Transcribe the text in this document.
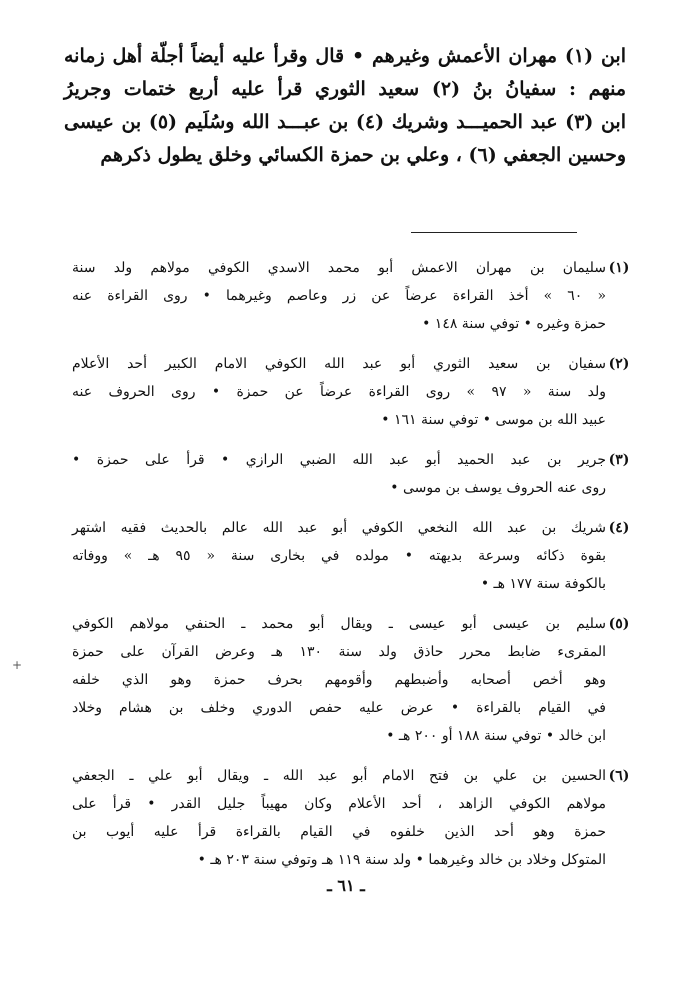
ابن (١) مهران الأعمش وغيرهم • قال وقرأ عليه أيضاً أجلّة أهل زمانه
منهم : سفيانُ بنُ (٢) سعيد الثوري قرأ عليه أربع ختمات وجريرُ
ابن (٣) عبد الحميـــد وشريك (٤) بن عبـــد الله وسُلَيم (٥) بن عيسى
وحسين الجعفي (٦) ، وعلي بن حمزة الكسائي وخلق يطول ذكرهم
(١)
سليمان بن مهران الاعمش أبو محمد الاسدي الكوفي مولاهم ولد سنة
« ٦٠ » أخذ القراءة عرضاً عن زر وعاصم وغيرهما • روى القراءة عنه
حمزة وغيره • توفي سنة ١٤٨ •
(٢)
سفيان بن سعيد الثوري أبو عبد الله الكوفي الامام الكبير أحد الأعلام
ولد سنة « ٩٧ » روى القراءة عرضاً عن حمزة • روى الحروف عنه
عبيد الله بن موسى • توفي سنة ١٦١ •
(٣)
جرير بن عبد الحميد أبو عبد الله الضبي الرازي • قرأ على حمزة •
روى عنه الحروف يوسف بن موسى •
(٤)
شريك بن عبد الله النخعي الكوفي أبو عبد الله عالم بالحديث فقيه اشتهر
بقوة ذكائه وسرعة بديهته • مولده في بخارى سنة « ٩٥ هـ » ووفاته
بالكوفة سنة ١٧٧ هـ •
(٥)
سليم بن عيسى أبو عيسى ـ ويقال أبو محمد ـ الحنفي مولاهم الكوفي
المقرىء ضابط محرر حاذق ولد سنة ١٣٠ هـ وعرض القرآن على حمزة
وهو أخص أصحابه وأضبطهم وأقومهم بحرف حمزة وهو الذي خلفه
في القيام بالقراءة • عرض عليه حفص الدوري وخلف بن هشام وخلاد
ابن خالد • توفي سنة ١٨٨ أو ٢٠٠ هـ •
(٦)
الحسين بن علي بن فتح الامام أبو عبد الله ـ ويقال أبو علي ـ الجعفي
مولاهم الكوفي الزاهد ، أحد الأعلام وكان مهيباً جليل القدر • قرأ على
حمزة وهو أحد الذين خلفوه في القيام بالقراءة قرأ عليه أيوب بن
المتوكل وخلاد بن خالد وغيرهما • ولد سنة ١١٩ هـ وتوفي سنة ٢٠٣ هـ •
ـ ٦١ ـ
+
